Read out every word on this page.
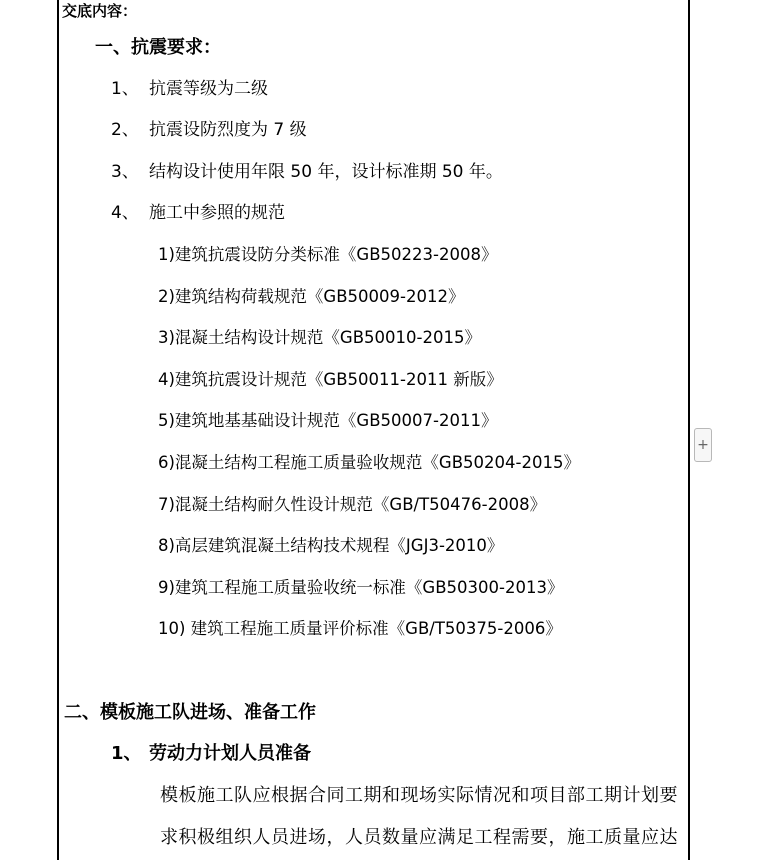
交底内容：
一、抗震要求：
1、 抗震等级为二级
2、 抗震设防烈度为 7 级
3、 结构设计使用年限 50 年，设计标准期 50 年。
4、 施工中参照的规范
1)建筑抗震设防分类标准《GB50223-2008》
2)建筑结构荷载规范《GB50009-2012》
3)混凝土结构设计规范《GB50010-2015》
4)建筑抗震设计规范《GB50011-2011 新版》
5)建筑地基基础设计规范《GB50007-2011》
6)混凝土结构工程施工质量验收规范《GB50204-2015》
7)混凝土结构耐久性设计规范《GB/T50476-2008》
8)高层建筑混凝土结构技术规程《JGJ3-2010》
9)建筑工程施工质量验收统一标准《GB50300-2013》
10) 建筑工程施工质量评价标准《GB/T50375-2006》
二、模板施工队进场、准备工作
1、 劳动力计划人员准备
模板施工队应根据合同工期和现场实际情况和项目部工期计划要
求积极组织人员进场，人员数量应满足工程需要，施工质量应达
+
